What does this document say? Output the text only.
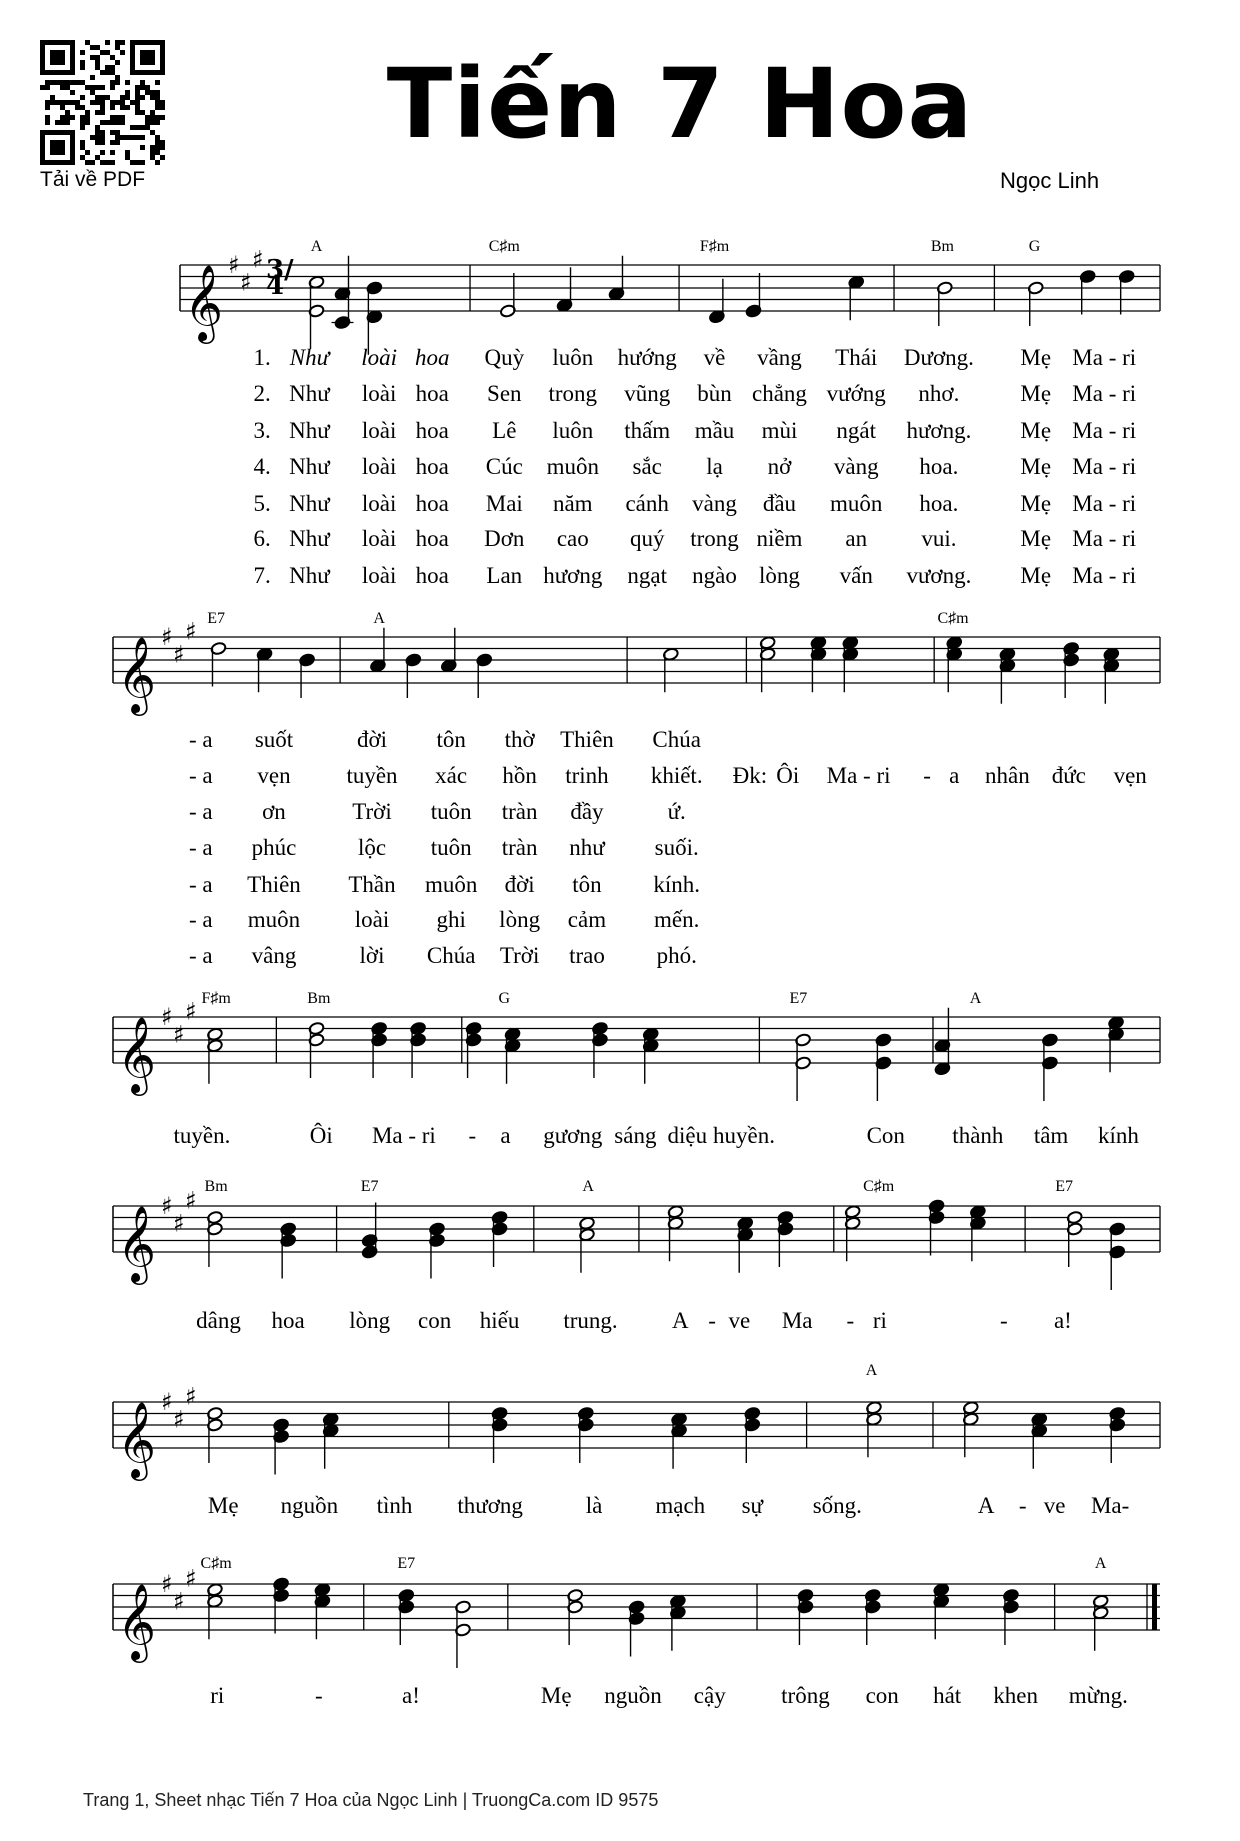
Tải về PDF
Tiến 7 Hoa
Ngọc Linh
𝄞 ♯
♯
♯
𝄞 ♯
♯
♯
𝄞 ♯
♯
♯
𝄞 ♯
♯
♯
𝄞 ♯
♯
♯
𝄞 ♯
♯
♯
3/4
A	C♯m	F♯m	Bm	G
1. Như loài hoa Quỳ luôn hướng về vầng Thái Dương. Mẹ Ma - ri
2. Như loài hoa Sen trong vũng bùn chẳng vướng nhơ.	Mẹ Ma - ri
3. Như loài hoa Lê luôn thấm mầu mùi ngát hương. Mẹ Ma - ri
4. Như loài hoa Cúc muôn sắc lạ nở vàng hoa.	Mẹ Ma - ri
5. Như loài hoa Mai năm cánh vàng đầu muôn hoa.	Mẹ Ma - ri
6. Như loài hoa Dơn cao quý trong niềm an vui.	Mẹ Ma - ri
7. Như loài hoa Lan hương ngạt ngào lòng vấn vương. Mẹ Ma - ri
E7	A	C♯m
- a suốt	đời tôn thờ Thiên Chúa
- a vẹn tuyền xác hồn trinh khiết. Đk: Ôi Ma - ri - a nhân đức vẹn
- a ơn	Trời tuôn tràn đầy	ứ.
- a phúc	lộc tuôn tràn như suối.
- a Thiên Thần muôn đời tôn kính.
- a muôn loài ghi lòng cảm mến.
- a vâng	lời Chúa Trời trao phó.
F♯m	Bm	G	E7	A
tuyền.	Ôi Ma - ri - a gương sáng diệu huyền.	Con thành tâm kính
Bm	E7	A	C♯m	E7
dâng hoa lòng con hiếu trung. A - ve Ma - ri	- a!
A
Mẹ nguồn tình thương	là mạch sự sống.	A - ve Ma-
C♯m	E7	A
ri	-	a!	Mẹ nguồn cậy trông con hát khen mừng.
Trang 1, Sheet nhạc Tiến 7 Hoa của Ngọc Linh | TruongCa.com ID 9575
